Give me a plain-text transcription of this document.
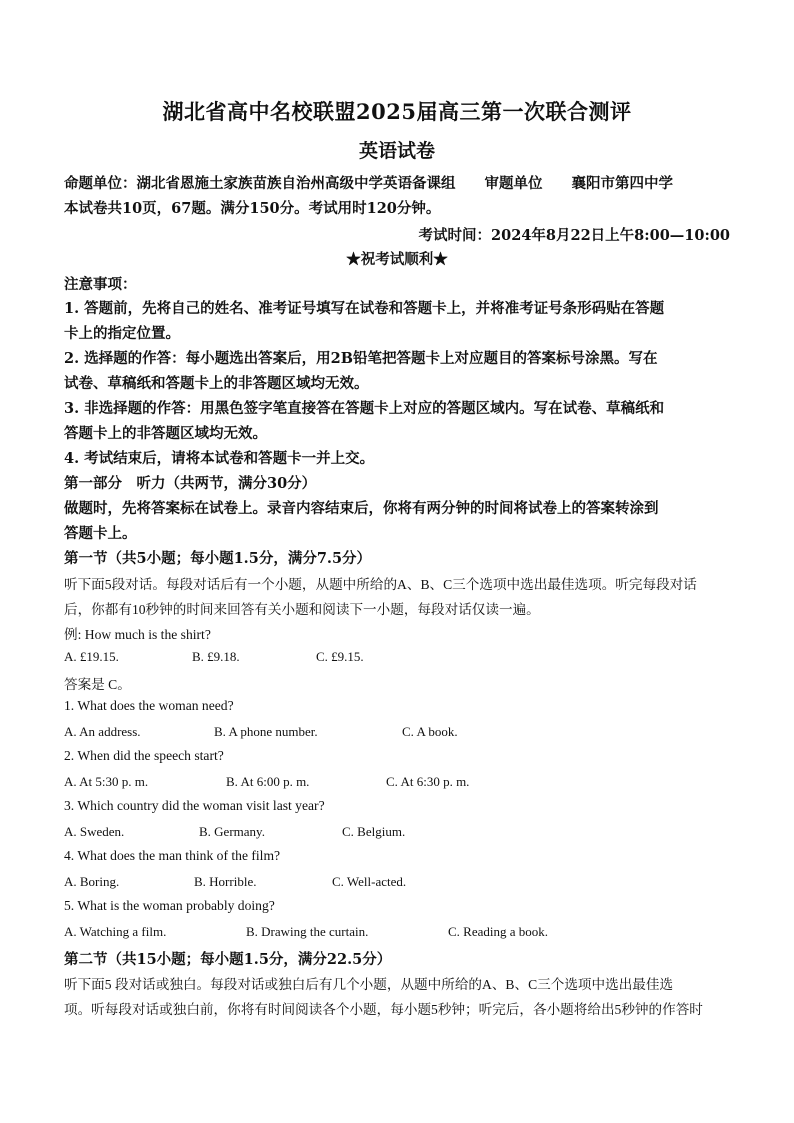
湖北省高中名校联盟2025届高三第一次联合测评
英语试卷
命题单位：湖北省恩施土家族苗族自治州高级中学英语备课组　　审题单位　　襄阳市第四中学
本试卷共10页，67题。满分150分。考试用时120分钟。
考试时间：2024年8月22日上午8:00—10:00
★祝考试顺利★
注意事项：
1. 答题前，先将自己的姓名、准考证号填写在试卷和答题卡上，并将准考证号条形码贴在答题
卡上的指定位置。
2. 选择题的作答：每小题选出答案后，用2B铅笔把答题卡上对应题目的答案标号涂黑。写在
试卷、草稿纸和答题卡上的非答题区域均无效。
3. 非选择题的作答：用黑色签字笔直接答在答题卡上对应的答题区域内。写在试卷、草稿纸和
答题卡上的非答题区域均无效。
4. 考试结束后，请将本试卷和答题卡一并上交。
第一部分　听力（共两节，满分30分）
做题时，先将答案标在试卷上。录音内容结束后，你将有两分钟的时间将试卷上的答案转涂到
答题卡上。
第一节（共5小题；每小题1.5分，满分7.5分）
听下面5段对话。每段对话后有一个小题，从题中所给的A、B、C三个选项中选出最佳选项。听完每段对话
后，你都有10秒钟的时间来回答有关小题和阅读下一小题，每段对话仅读一遍。
例: How much is the shirt?
A. £19.15.	B. £9.18.	C. £9.15.
答案是 C。
1. What does the woman need?
A. An address.	B. A phone number.	C. A book.
2. When did the speech start?
A. At 5:30 p. m.	B. At 6:00 p. m.	C. At 6:30 p. m.
3. Which country did the woman visit last year?
A. Sweden.	B. Germany.	C. Belgium.
4. What does the man think of the film?
A. Boring.	B. Horrible.	C. Well-acted.
5. What is the woman probably doing?
A. Watching a film.	B. Drawing the curtain.	C. Reading a book.
第二节（共15小题；每小题1.5分，满分22.5分）
听下面5 段对话或独白。每段对话或独白后有几个小题，从题中所给的A、B、C三个选项中选出最佳选
项。听每段对话或独白前，你将有时间阅读各个小题，每小题5秒钟；听完后，各小题将给出5秒钟的作答时
